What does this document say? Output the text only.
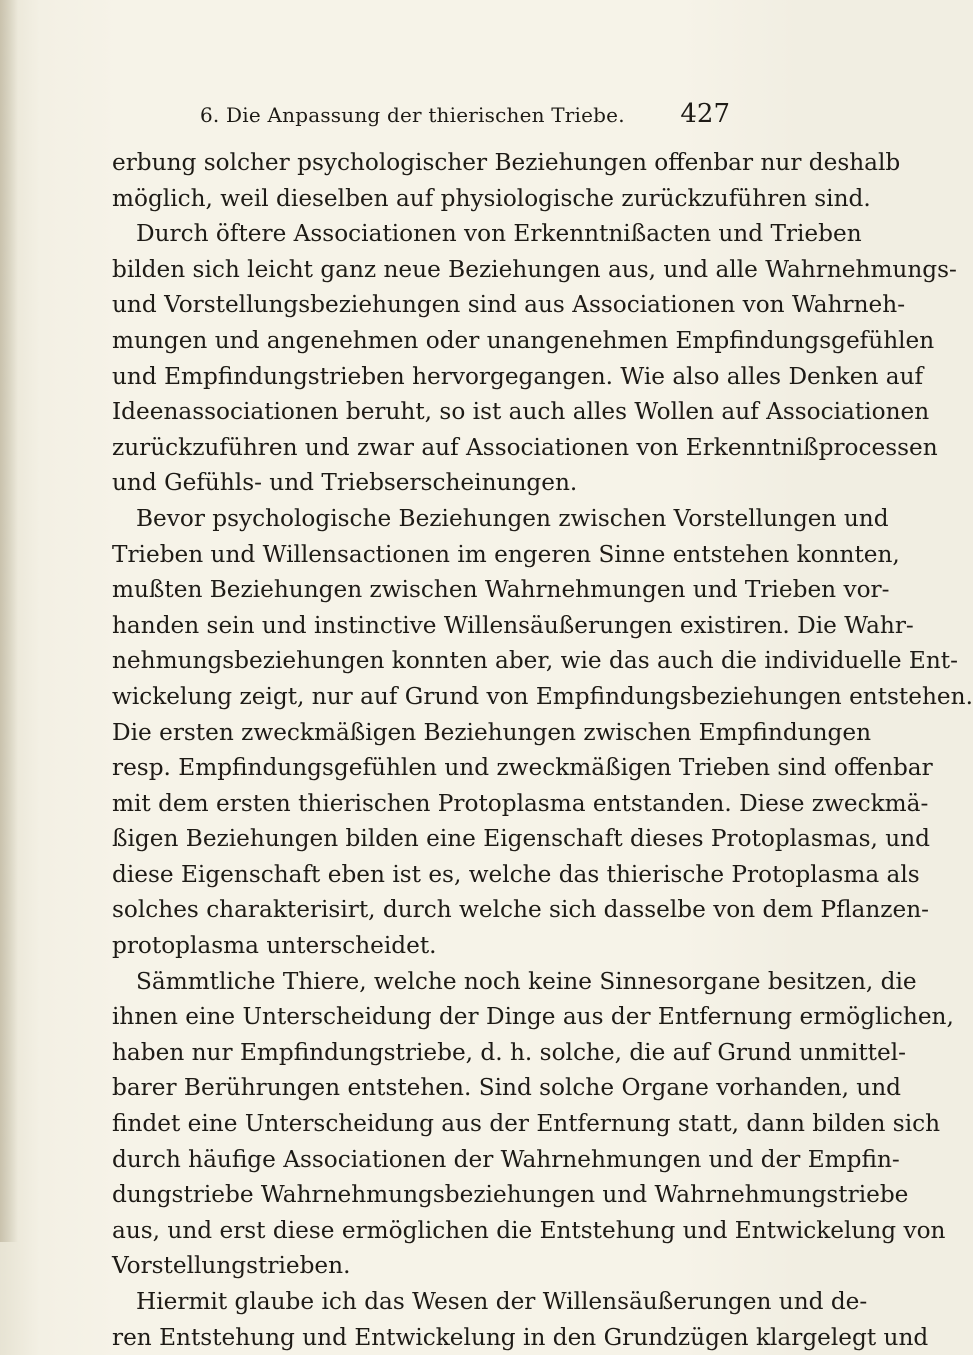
6. Die Anpassung der thierischen Triebe. 427
erbung solcher psychologischer Beziehungen offenbar nur deshalb
möglich, weil dieselben auf physiologische zurückzuführen sind.
Durch öftere Associationen von Erkenntnißacten und Trieben
bilden sich leicht ganz neue Beziehungen aus, und alle Wahrnehmungs-
und Vorstellungsbeziehungen sind aus Associationen von Wahrneh-
mungen und angenehmen oder unangenehmen Empfindungsgefühlen
und Empfindungstrieben hervorgegangen. Wie also alles Denken auf
Ideenassociationen beruht, so ist auch alles Wollen auf Associationen
zurückzuführen und zwar auf Associationen von Erkenntnißprocessen
und Gefühls- und Triebserscheinungen.
Bevor psychologische Beziehungen zwischen Vorstellungen und
Trieben und Willensactionen im engeren Sinne entstehen konnten,
mußten Beziehungen zwischen Wahrnehmungen und Trieben vor-
handen sein und instinctive Willensäußerungen existiren. Die Wahr-
nehmungsbeziehungen konnten aber, wie das auch die individuelle Ent-
wickelung zeigt, nur auf Grund von Empfindungsbeziehungen entstehen.
Die ersten zweckmäßigen Beziehungen zwischen Empfindungen
resp. Empfindungsgefühlen und zweckmäßigen Trieben sind offenbar
mit dem ersten thierischen Protoplasma entstanden. Diese zweckmä-
ßigen Beziehungen bilden eine Eigenschaft dieses Protoplasmas, und
diese Eigenschaft eben ist es, welche das thierische Protoplasma als
solches charakterisirt, durch welche sich dasselbe von dem Pflanzen-
protoplasma unterscheidet.
Sämmtliche Thiere, welche noch keine Sinnesorgane besitzen, die
ihnen eine Unterscheidung der Dinge aus der Entfernung ermöglichen,
haben nur Empfindungstriebe, d. h. solche, die auf Grund unmittel-
barer Berührungen entstehen. Sind solche Organe vorhanden, und
findet eine Unterscheidung aus der Entfernung statt, dann bilden sich
durch häufige Associationen der Wahrnehmungen und der Empfin-
dungstriebe Wahrnehmungsbeziehungen und Wahrnehmungstriebe
aus, und erst diese ermöglichen die Entstehung und Entwickelung von
Vorstellungstrieben.
Hiermit glaube ich das Wesen der Willensäußerungen und de-
ren Entstehung und Entwickelung in den Grundzügen klargelegt und
